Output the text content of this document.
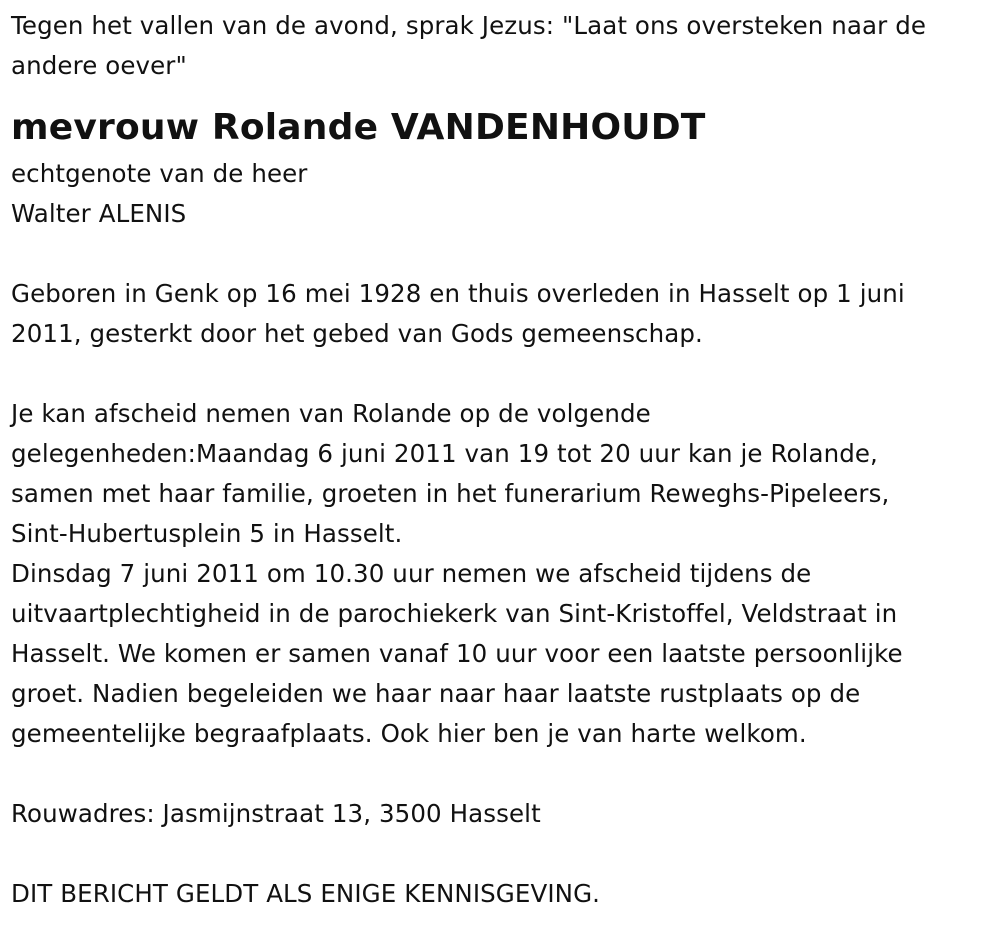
Tegen het vallen van de avond, sprak Jezus: "Laat ons oversteken naar de

andere oever"

mevrouw Rolande VANDENHOUDT

echtgenote van de heer

Walter ALENIS

Geboren in Genk op 16 mei 1928 en thuis overleden in Hasselt op 1 juni

2011, gesterkt door het gebed van Gods gemeenschap.

Je kan afscheid nemen van Rolande op de volgende

gelegenheden:Maandag 6 juni 2011 van 19 tot 20 uur kan je Rolande,

samen met haar familie, groeten in het funerarium Reweghs-Pipeleers,

Sint-Hubertusplein 5 in Hasselt.

Dinsdag 7 juni 2011 om 10.30 uur nemen we afscheid tijdens de

uitvaartplechtigheid in de parochiekerk van Sint-Kristoffel, Veldstraat in

Hasselt. We komen er samen vanaf 10 uur voor een laatste persoonlijke

groet. Nadien begeleiden we haar naar haar laatste rustplaats op de

gemeentelijke begraafplaats. Ook hier ben je van harte welkom.

Rouwadres: Jasmijnstraat 13, 3500 Hasselt

DIT BERICHT GELDT ALS ENIGE KENNISGEVING.
